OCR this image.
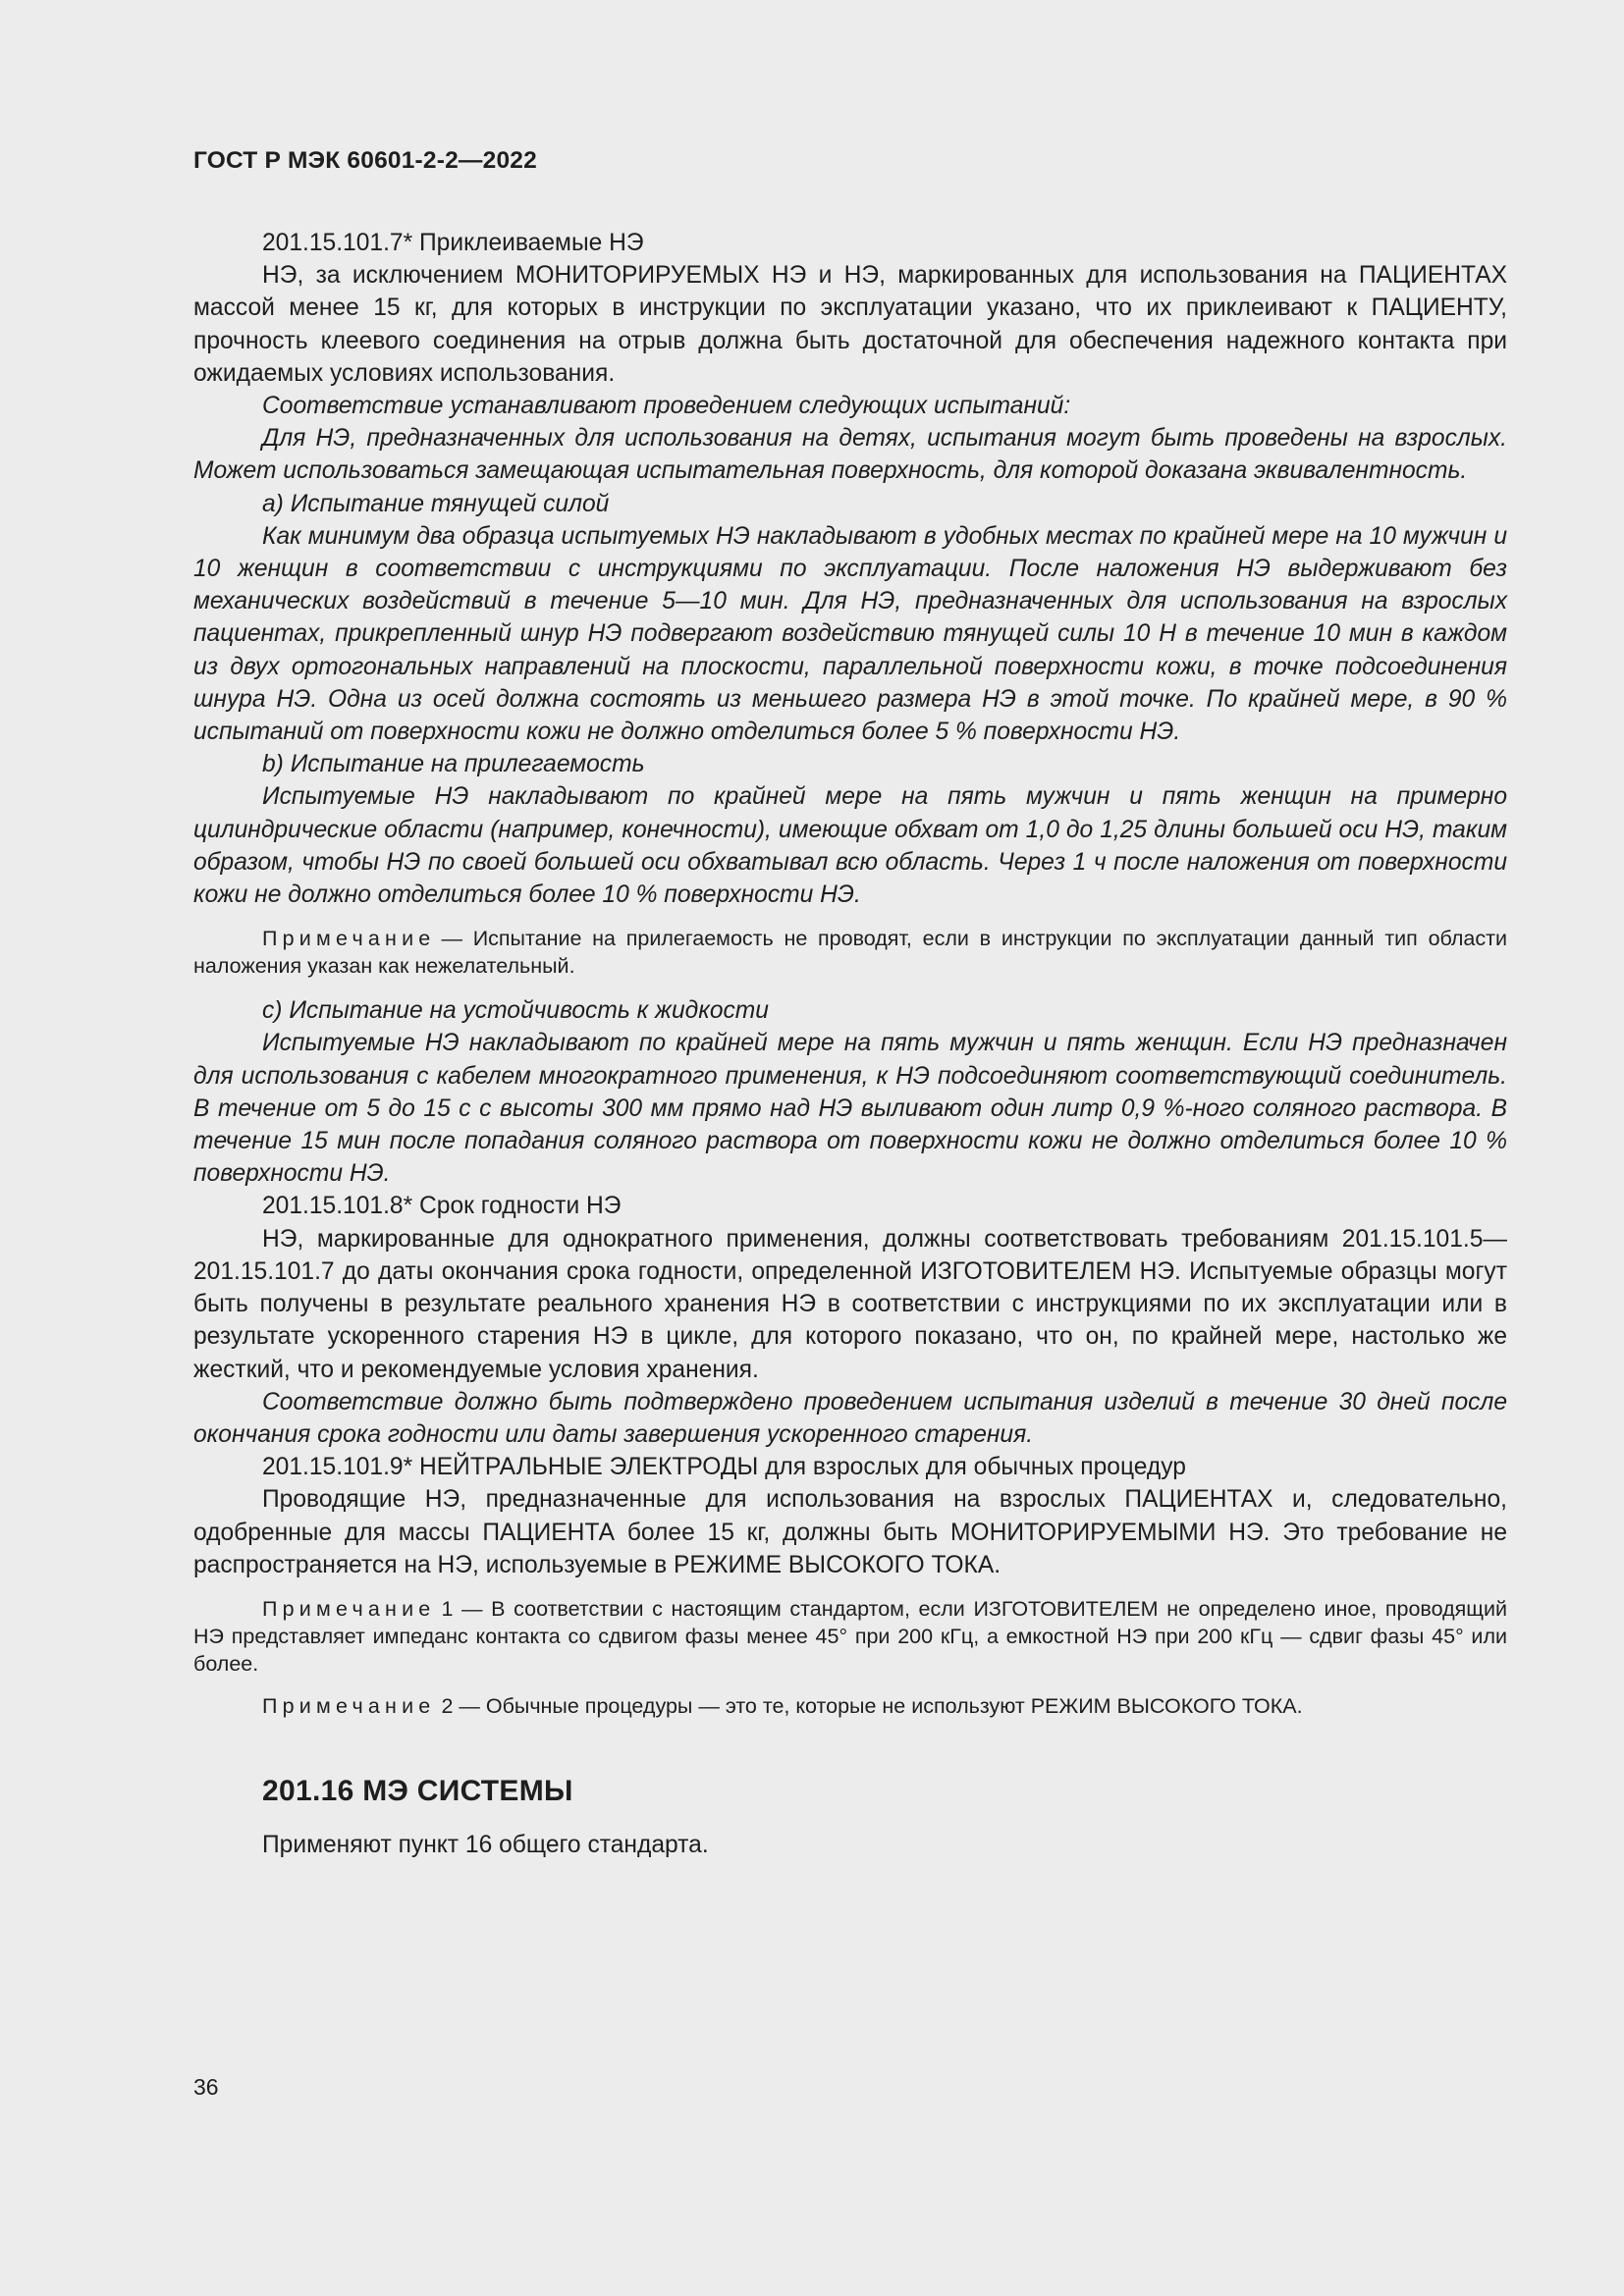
ГОСТ Р МЭК 60601-2-2—2022

201.15.101.7* Приклеиваемые НЭ

НЭ, за исключением МОНИТОРИРУЕМЫХ НЭ и НЭ, маркированных для использования на ПАЦИЕНТАХ массой менее 15 кг, для которых в инструкции по эксплуатации указано, что их приклеивают к ПАЦИЕНТУ, прочность клеевого соединения на отрыв должна быть достаточной для обеспечения надежного контакта при ожидаемых условиях использования.

Соответствие устанавливают проведением следующих испытаний:

Для НЭ, предназначенных для использования на детях, испытания могут быть проведены на взрослых. Может использоваться замещающая испытательная поверхность, для которой доказана эквивалентность.

a) Испытание тянущей силой

Как минимум два образца испытуемых НЭ накладывают в удобных местах по крайней мере на 10 мужчин и 10 женщин в соответствии с инструкциями по эксплуатации. После наложения НЭ выдерживают без механических воздействий в течение 5—10 мин. Для НЭ, предназначенных для использования на взрослых пациентах, прикрепленный шнур НЭ подвергают воздействию тянущей силы 10 Н в течение 10 мин в каждом из двух ортогональных направлений на плоскости, параллельной поверхности кожи, в точке подсоединения шнура НЭ. Одна из осей должна состоять из меньшего размера НЭ в этой точке. По крайней мере, в 90 % испытаний от поверхности кожи не должно отделиться более 5 % поверхности НЭ.

b) Испытание на прилегаемость

Испытуемые НЭ накладывают по крайней мере на пять мужчин и пять женщин на примерно цилиндрические области (например, конечности), имеющие обхват от 1,0 до 1,25 длины большей оси НЭ, таким образом, чтобы НЭ по своей большей оси обхватывал всю область. Через 1 ч после наложения от поверхности кожи не должно отделиться более 10 % поверхности НЭ.

Примечание — Испытание на прилегаемость не проводят, если в инструкции по эксплуатации данный тип области наложения указан как нежелательный.

c) Испытание на устойчивость к жидкости

Испытуемые НЭ накладывают по крайней мере на пять мужчин и пять женщин. Если НЭ предназначен для использования с кабелем многократного применения, к НЭ подсоединяют соответствующий соединитель. В течение от 5 до 15 с с высоты 300 мм прямо над НЭ выливают один литр 0,9 %-ного соляного раствора. В течение 15 мин после попадания соляного раствора от поверхности кожи не должно отделиться более 10 % поверхности НЭ.

201.15.101.8* Срок годности НЭ

НЭ, маркированные для однократного применения, должны соответствовать требованиям 201.15.101.5—201.15.101.7 до даты окончания срока годности, определенной ИЗГОТОВИТЕЛЕМ НЭ. Испытуемые образцы могут быть получены в результате реального хранения НЭ в соответствии с инструкциями по их эксплуатации или в результате ускоренного старения НЭ в цикле, для которого показано, что он, по крайней мере, настолько же жесткий, что и рекомендуемые условия хранения.

Соответствие должно быть подтверждено проведением испытания изделий в течение 30 дней после окончания срока годности или даты завершения ускоренного старения.

201.15.101.9* НЕЙТРАЛЬНЫЕ ЭЛЕКТРОДЫ для взрослых для обычных процедур

Проводящие НЭ, предназначенные для использования на взрослых ПАЦИЕНТАХ и, следовательно, одобренные для массы ПАЦИЕНТА более 15 кг, должны быть МОНИТОРИРУЕМЫМИ НЭ. Это требование не распространяется на НЭ, используемые в РЕЖИМЕ ВЫСОКОГО ТОКА.

Примечание 1 — В соответствии с настоящим стандартом, если ИЗГОТОВИТЕЛЕМ не определено иное, проводящий НЭ представляет импеданс контакта со сдвигом фазы менее 45° при 200 кГц, а емкостной НЭ при 200 кГц — сдвиг фазы 45° или более.

Примечание 2 — Обычные процедуры — это те, которые не используют РЕЖИМ ВЫСОКОГО ТОКА.

201.16 МЭ СИСТЕМЫ

Применяют пункт 16 общего стандарта.

36
